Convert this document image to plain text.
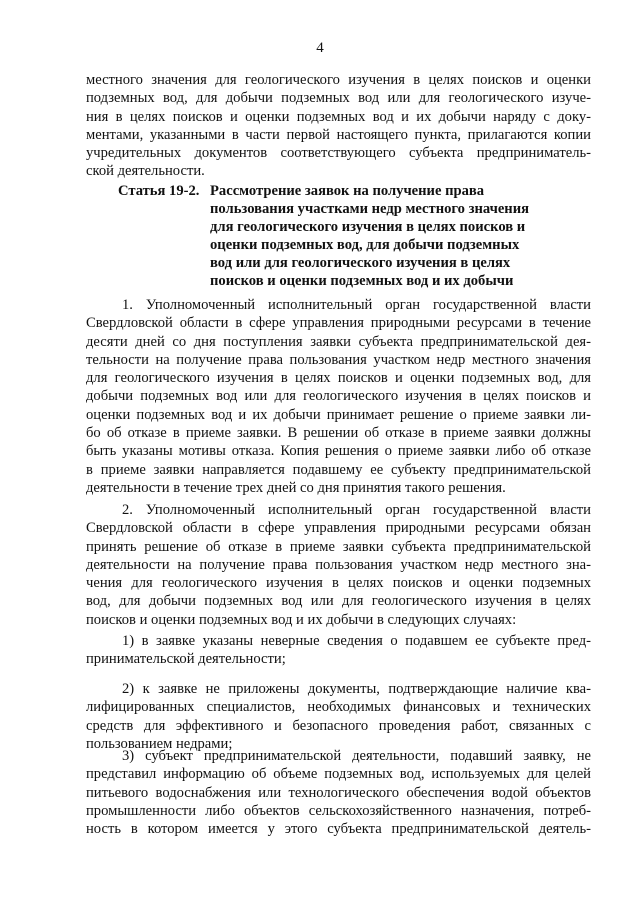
4
местного значения для геологического изучения в целях поисков и оценки
подземных вод, для добычи подземных вод или для геологического изуче-
ния в целях поисков и оценки подземных вод и их добычи наряду с доку-
ментами, указанными в части первой настоящего пункта, прилагаются копии
учредительных документов соответствующего субъекта предприниматель-
ской деятельности.
Статья 19-2. Рассмотрение заявок на получение права
пользования участками недр местного значения
для геологического изучения в целях поисков и
оценки подземных вод, для добычи подземных
вод или для геологического изучения в целях
поисков и оценки подземных вод и их добычи
1. Уполномоченный исполнительный орган государственной власти
Свердловской области в сфере управления природными ресурсами в течение
десяти дней со дня поступления заявки субъекта предпринимательской дея-
тельности на получение права пользования участком недр местного значения
для геологического изучения в целях поисков и оценки подземных вод, для
добычи подземных вод или для геологического изучения в целях поисков и
оценки подземных вод и их добычи принимает решение о приеме заявки ли-
бо об отказе в приеме заявки. В решении об отказе в приеме заявки должны
быть указаны мотивы отказа. Копия решения о приеме заявки либо об отказе
в приеме заявки направляется подавшему ее субъекту предпринимательской
деятельности в течение трех дней со дня принятия такого решения.
2. Уполномоченный исполнительный орган государственной власти
Свердловской области в сфере управления природными ресурсами обязан
принять решение об отказе в приеме заявки субъекта предпринимательской
деятельности на получение права пользования участком недр местного зна-
чения для геологического изучения в целях поисков и оценки подземных
вод, для добычи подземных вод или для геологического изучения в целях
поисков и оценки подземных вод и их добычи в следующих случаях:
1) в заявке указаны неверные сведения о подавшем ее субъекте пред-
принимательской деятельности;
2) к заявке не приложены документы, подтверждающие наличие ква-
лифицированных специалистов, необходимых финансовых и технических
средств для эффективного и безопасного проведения работ, связанных с
пользованием недрами;
3) субъект предпринимательской деятельности, подавший заявку, не
представил информацию об объеме подземных вод, используемых для целей
питьевого водоснабжения или технологического обеспечения водой объектов
промышленности либо объектов сельскохозяйственного назначения, потреб-
ность в котором имеется у этого субъекта предпринимательской деятель-
